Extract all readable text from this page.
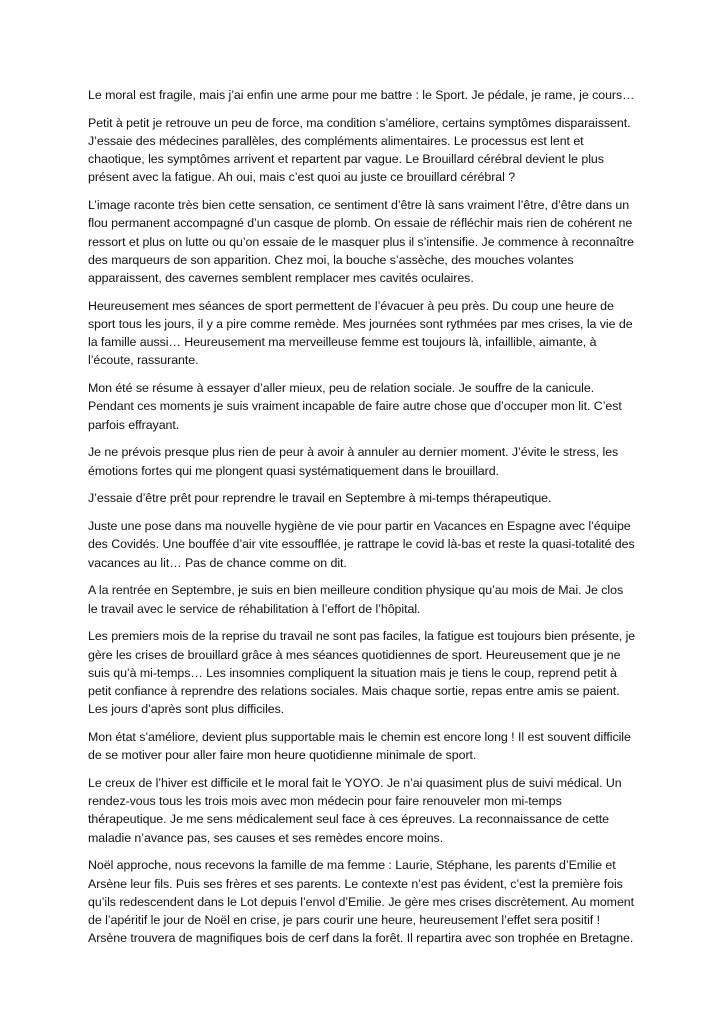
Le moral est fragile, mais j’ai enfin une arme pour me battre : le Sport. Je pédale, je rame, je cours…

Petit à petit je retrouve un peu de force, ma condition s’améliore, certains symptômes disparaissent. J’essaie des médecines parallèles, des compléments alimentaires. Le processus est lent et chaotique, les symptômes arrivent et repartent par vague. Le Brouillard cérébral devient le plus présent avec la fatigue. Ah oui, mais c’est quoi au juste ce brouillard cérébral ?

L’image raconte très bien cette sensation, ce sentiment d’être là sans vraiment l’être, d’être dans un flou permanent accompagné d’un casque de plomb. On essaie de réfléchir mais rien de cohérent ne ressort et plus on lutte ou qu’on essaie de le masquer plus il s’intensifie. Je commence à reconnaître des marqueurs de son apparition. Chez moi, la bouche s’assèche, des mouches volantes apparaissent, des cavernes semblent remplacer mes cavités oculaires.

Heureusement mes séances de sport permettent de l’évacuer à peu près. Du coup une heure de sport tous les jours, il y a pire comme remède. Mes journées sont rythmées par mes crises, la vie de la famille aussi… Heureusement ma merveilleuse femme est toujours là, infaillible, aimante, à l’écoute, rassurante.

Mon été se résume à essayer d’aller mieux, peu de relation sociale. Je souffre de la canicule. Pendant ces moments je suis vraiment incapable de faire autre chose que d’occuper mon lit. C’est parfois effrayant.

Je ne prévois presque plus rien de peur à avoir à annuler au dernier moment. J’évite le stress, les émotions fortes qui me plongent quasi systématiquement dans le brouillard.

J’essaie d’être prêt pour reprendre le travail en Septembre à mi-temps thérapeutique.

Juste une pose dans ma nouvelle hygiène de vie pour partir en Vacances en Espagne avec l’équipe des Covidés. Une bouffée d’air vite essoufflée, je rattrape le covid là-bas et reste la quasi-totalité des vacances au lit… Pas de chance comme on dit.

A la rentrée en Septembre, je suis en bien meilleure condition physique qu’au mois de Mai. Je clos le travail avec le service de réhabilitation à l’effort de l’hôpital.

Les premiers mois de la reprise du travail ne sont pas faciles, la fatigue est toujours bien présente, je gère les crises de brouillard grâce à mes séances quotidiennes de sport. Heureusement que je ne suis qu’à mi-temps… Les insomnies compliquent la situation mais je tiens le coup, reprend petit à petit confiance à reprendre des relations sociales. Mais chaque sortie, repas entre amis se paient. Les jours d’après sont plus difficiles.

Mon état s’améliore, devient plus supportable mais le chemin est encore long ! Il est souvent difficile de se motiver pour aller faire mon heure quotidienne minimale de sport.

Le creux de l’hiver est difficile et le moral fait le YOYO. Je n’ai quasiment plus de suivi médical. Un rendez-vous tous les trois mois avec mon médecin pour faire renouveler mon mi-temps thérapeutique. Je me sens médicalement seul face à ces épreuves. La reconnaissance de cette maladie n’avance pas, ses causes et ses remèdes encore moins.

Noël approche, nous recevons la famille de ma femme : Laurie, Stéphane, les parents d’Emilie et Arsène leur fils. Puis ses frères et ses parents. Le contexte n’est pas évident, c’est la première fois qu’ils redescendent dans le Lot depuis l’envol d’Emilie. Je gère mes crises discrètement. Au moment de l’apéritif le jour de Noël en crise, je pars courir une heure, heureusement l’effet sera positif ! Arsène trouvera de magnifiques bois de cerf dans la forêt. Il repartira avec son trophée en Bretagne.
